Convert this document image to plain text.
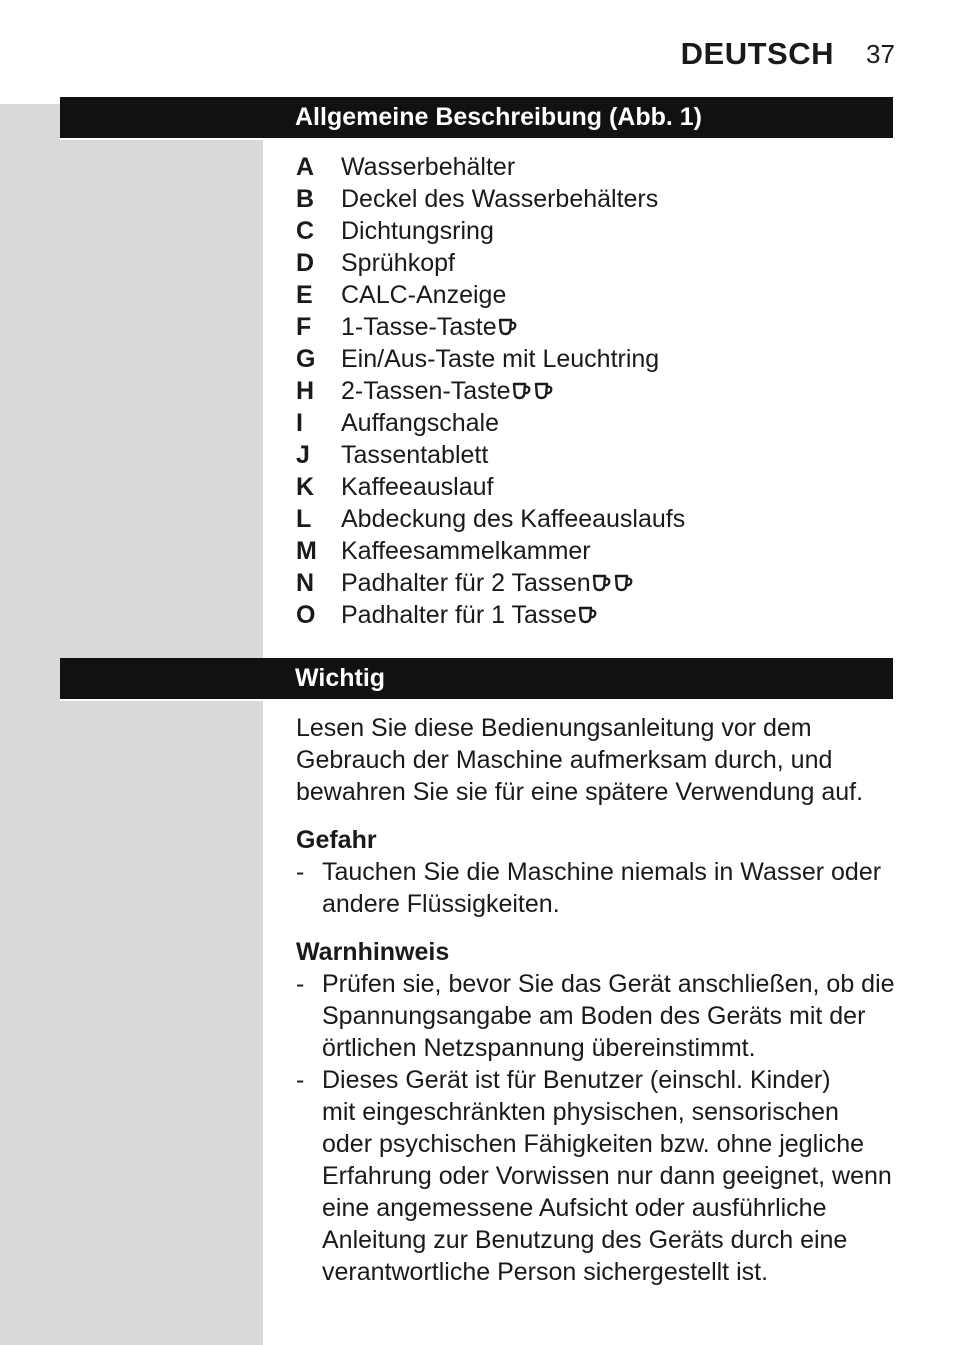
DEUTSCH 37
Allgemeine Beschreibung (Abb. 1)
A	Wasserbehälter
B	Deckel des Wasserbehälters
C	Dichtungsring
D	Sprühkopf
E	CALC-Anzeige
F	1-Tasse-Taste
G	Ein/Aus-Taste mit Leuchtring
H	2-Tassen-Taste
I	Auffangschale
J	Tassentablett
K	Kaffeeauslauf
L	Abdeckung des Kaffeeauslaufs
M Kaffeesammelkammer
N	Padhalter für 2 Tassen
O	Padhalter für 1 Tasse
Wichtig
Lesen Sie diese Bedienungsanleitung vor dem Gebrauch der Maschine aufmerksam durch, und bewahren Sie sie für eine spätere Verwendung auf.
Gefahr
- Tauchen Sie die Maschine niemals in Wasser oder
andere Flüssigkeiten.
Warnhinweis
- Prüfen sie, bevor Sie das Gerät anschließen, ob die
Spannungsangabe am Boden des Geräts mit der
örtlichen Netzspannung übereinstimmt.
- Dieses Gerät ist für Benutzer (einschl. Kinder)
mit eingeschränkten physischen, sensorischen
oder psychischen Fähigkeiten bzw. ohne jegliche
Erfahrung oder Vorwissen nur dann geeignet, wenn
eine angemessene Aufsicht oder ausführliche
Anleitung zur Benutzung des Geräts durch eine
verantwortliche Person sichergestellt ist.
